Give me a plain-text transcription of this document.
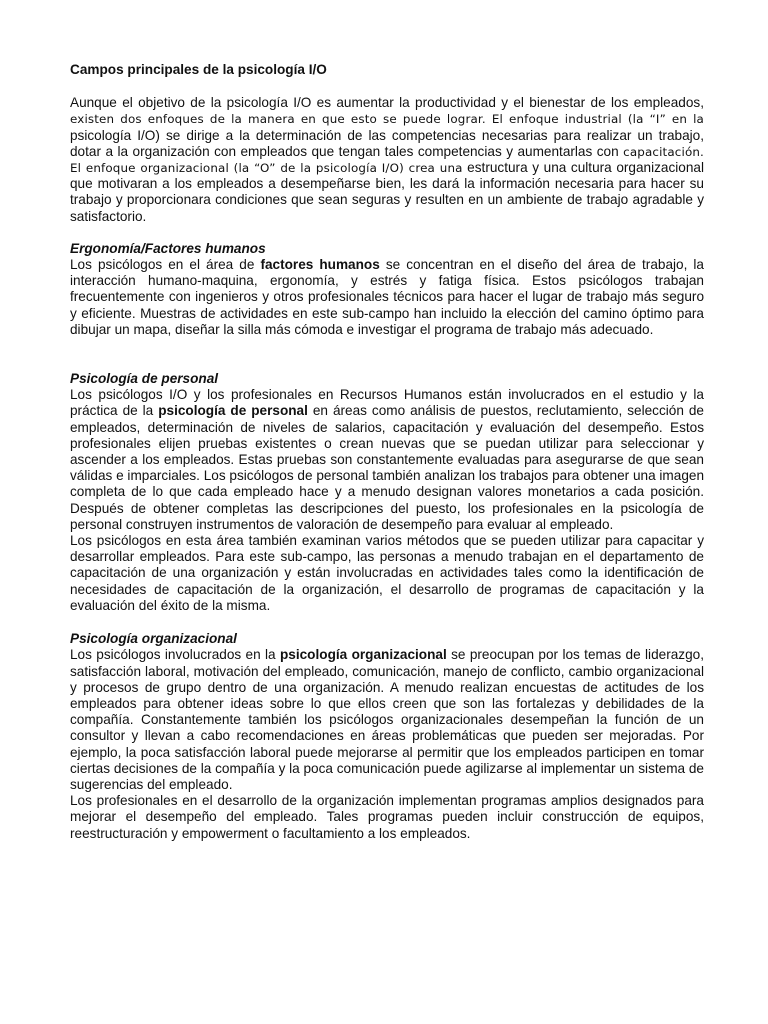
Campos principales de la psicología I/O

Aunque el objetivo de la psicología I/O es aumentar la productividad y el bienestar de los empleados, existen dos enfoques de la manera en que esto se puede lograr. El enfoque industrial (la “I” en la psicología I/O) se dirige a la determinación de las competencias necesarias para realizar un trabajo, dotar a la organización con empleados que tengan tales competencias y aumentarlas con capacitación. El enfoque organizacional (la “O” de la psicología I/O) crea una estructura y una cultura organizacional que motivaran a los empleados a desempeñarse bien, les dará la información necesaria para hacer su trabajo y proporcionara condiciones que sean seguras y resulten en un ambiente de trabajo agradable y satisfactorio.

Ergonomía/Factores humanos

Los psicólogos en el área de factores humanos se concentran en el diseño del área de trabajo, la interacción humano-maquina, ergonomía, y estrés y fatiga física. Estos psicólogos trabajan frecuentemente con ingenieros y otros profesionales técnicos para hacer el lugar de trabajo más seguro y eficiente. Muestras de actividades en este sub-campo han incluido la elección del camino óptimo para dibujar un mapa, diseñar la silla más cómoda e investigar el programa de trabajo más adecuado.

Psicología de personal

Los psicólogos I/O y los profesionales en Recursos Humanos están involucrados en el estudio y la práctica de la psicología de personal en áreas como análisis de puestos, reclutamiento, selección de empleados, determinación de niveles de salarios, capacitación y evaluación del desempeño. Estos profesionales elijen pruebas existentes o crean nuevas que se puedan utilizar para seleccionar y ascender a los empleados. Estas pruebas son constantemente evaluadas para asegurarse de que sean válidas e imparciales. Los psicólogos de personal también analizan los trabajos para obtener una imagen completa de lo que cada empleado hace y a menudo designan valores monetarios a cada posición. Después de obtener completas las descripciones del puesto, los profesionales en la psicología de personal construyen instrumentos de valoración de desempeño para evaluar al empleado.

Los psicólogos en esta área también examinan varios métodos que se pueden utilizar para capacitar y desarrollar empleados. Para este sub-campo, las personas a menudo trabajan en el departamento de capacitación de una organización y están involucradas en actividades tales como la identificación de necesidades de capacitación de la organización, el desarrollo de programas de capacitación y la evaluación del éxito de la misma.

Psicología organizacional

Los psicólogos involucrados en la psicología organizacional se preocupan por los temas de liderazgo, satisfacción laboral, motivación del empleado, comunicación, manejo de conflicto, cambio organizacional y procesos de grupo dentro de una organización. A menudo realizan encuestas de actitudes de los empleados para obtener ideas sobre lo que ellos creen que son las fortalezas y debilidades de la compañía. Constantemente también los psicólogos organizacionales desempeñan la función de un consultor y llevan a cabo recomendaciones en áreas problemáticas que pueden ser mejoradas. Por ejemplo, la poca satisfacción laboral puede mejorarse al permitir que los empleados participen en tomar ciertas decisiones de la compañía y la poca comunicación puede agilizarse al implementar un sistema de sugerencias del empleado.

Los profesionales en el desarrollo de la organización implementan programas amplios designados para mejorar el desempeño del empleado. Tales programas pueden incluir construcción de equipos, reestructuración y empowerment o facultamiento a los empleados.
